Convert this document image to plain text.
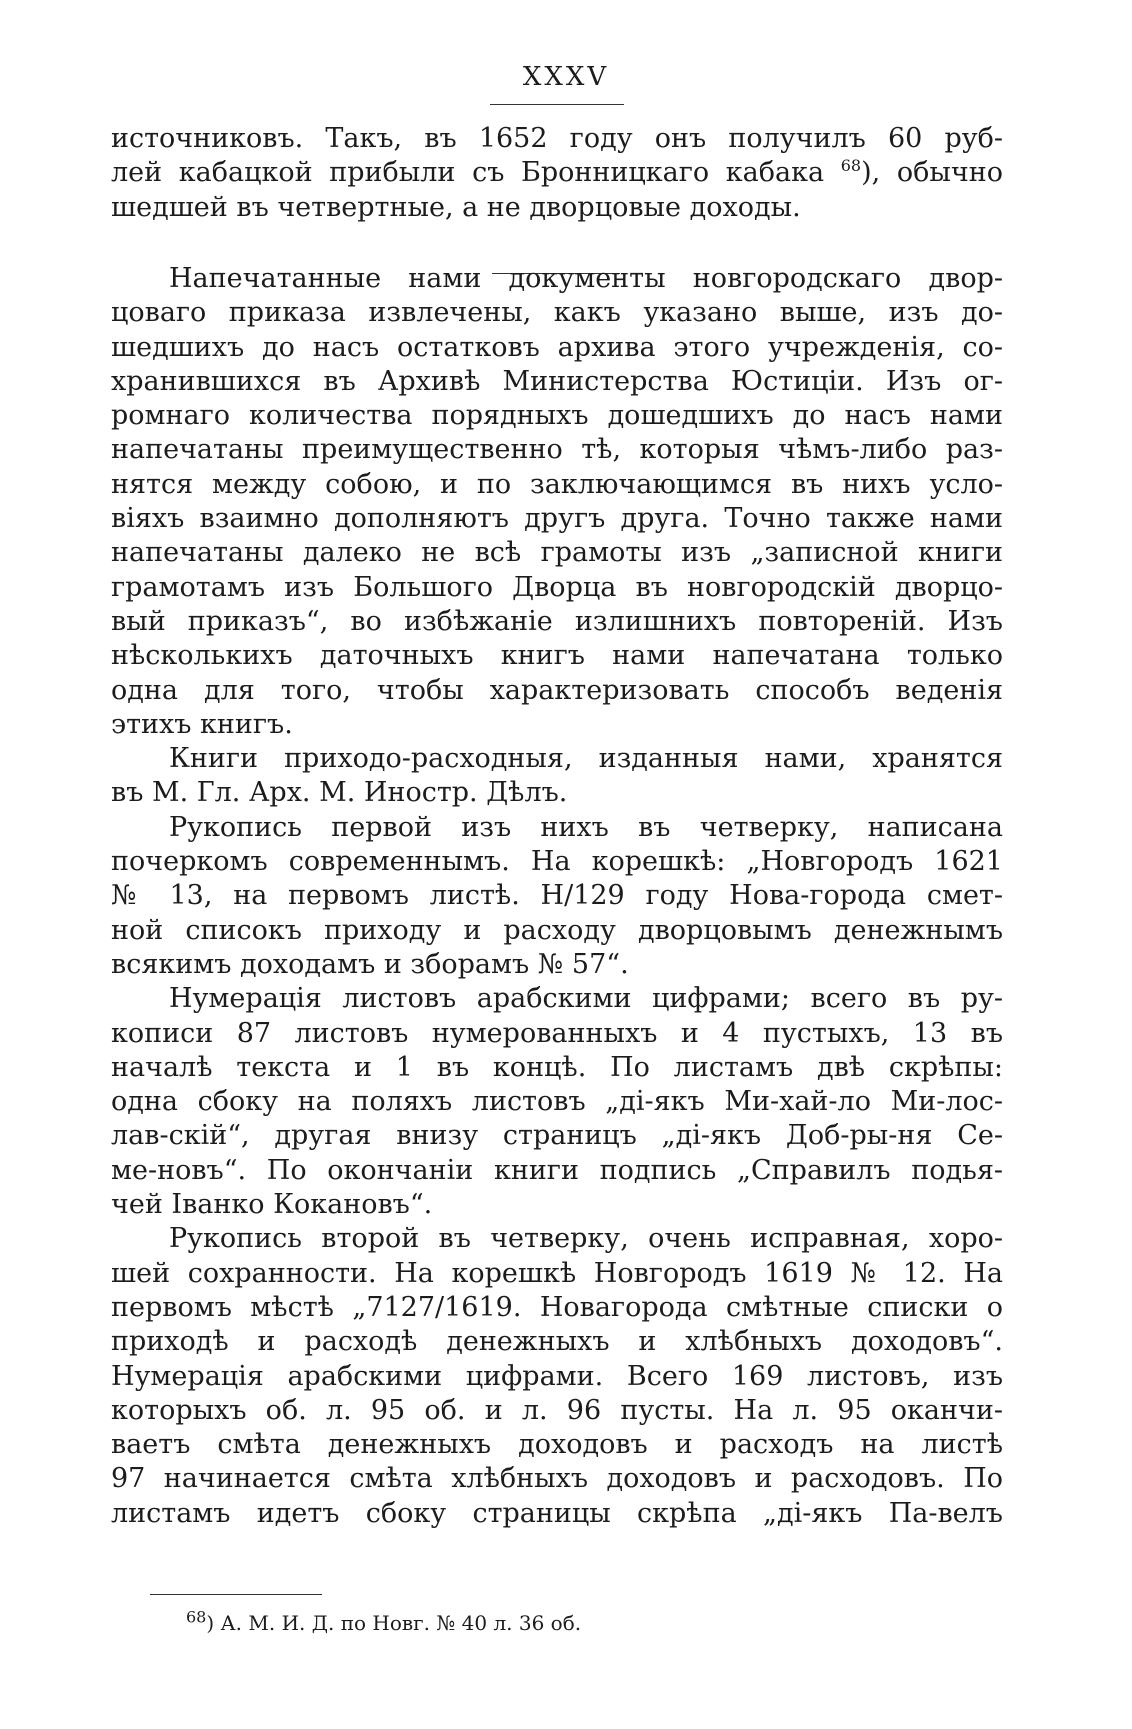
XXXV
источниковъ. Такъ, въ 1652 году онъ получилъ 60 руб-
лей кабацкой прибыли съ Бронницкаго кабака $^{68}$), обычно
шедшей въ четвертные, а не дворцовые доходы.

Напечатанные нами документы новгородскаго двор-
цоваго приказа извлечены, какъ указано выше, изъ до-
шедшихъ до насъ остатковъ архива этого учрежденія, со-
хранившихся въ Архивѣ Министерства Юстиціи. Изъ ог-
ромнаго количества порядныхъ дошедшихъ до насъ нами
напечатаны преимущественно тѣ, которыя чѣмъ-либо раз-
нятся между собою, и по заключающимся въ нихъ усло-
віяхъ взаимно дополняютъ другъ друга. Точно также нами
напечатаны далеко не всѣ грамоты изъ „записной книги
грамотамъ изъ Большого Дворца въ новгородскій дворцо-
вый приказъ“, во избѣжаніе излишнихъ повтореній. Изъ
нѣсколькихъ даточныхъ книгъ нами напечатана только
одна для того, чтобы характеризовать способъ веденія
этихъ книгъ.

Книги приходо-расходныя, изданныя нами, хранятся
въ М. Гл. Арх. М. Иностр. Дѣлъ.

Рукопись первой изъ нихъ въ четверку, написана
почеркомъ современнымъ. На корешкѣ: „Новгородъ 1621
№ 13, на первомъ листѣ. Н/129 году Нова-города смет-
ной списокъ приходу и расходу дворцовымъ денежнымъ
всякимъ доходамъ и зборамъ № 57“.

Нумерація листовъ арабскими цифрами; всего въ ру-
кописи 87 листовъ нумерованныхъ и 4 пустыхъ, 13 въ
началѣ текста и 1 въ концѣ. По листамъ двѣ скрѣпы:
одна сбоку на поляхъ листовъ „ді-якъ Ми-хай-ло Ми-лос-
лав-скій“, другая внизу страницъ „ді-якъ Доб-ры-ня Се-
ме-новъ“. По окончаніи книги подпись „Справилъ подья-
чей Іванко Кокановъ“.

Рукопись второй въ четверку, очень исправная, хоро-
шей сохранности. На корешкѣ Новгородъ 1619 № 12. На
первомъ мѣстѣ „7127/1619. Новагорода смѣтные списки о
приходѣ и расходѣ денежныхъ и хлѣбныхъ доходовъ“.
Нумерація арабскими цифрами. Всего 169 листовъ, изъ
которыхъ об. л. 95 об. и л. 96 пусты. На л. 95 оканчи-
ваетъ смѣта денежныхъ доходовъ и расходъ на листѣ
97 начинается смѣта хлѣбныхъ доходовъ и расходовъ. По
листамъ идетъ сбоку страницы скрѣпа „ді-якъ Па-велъ

$^{68}$) А. М. И. Д. по Новг. № 40 л. 36 об.
